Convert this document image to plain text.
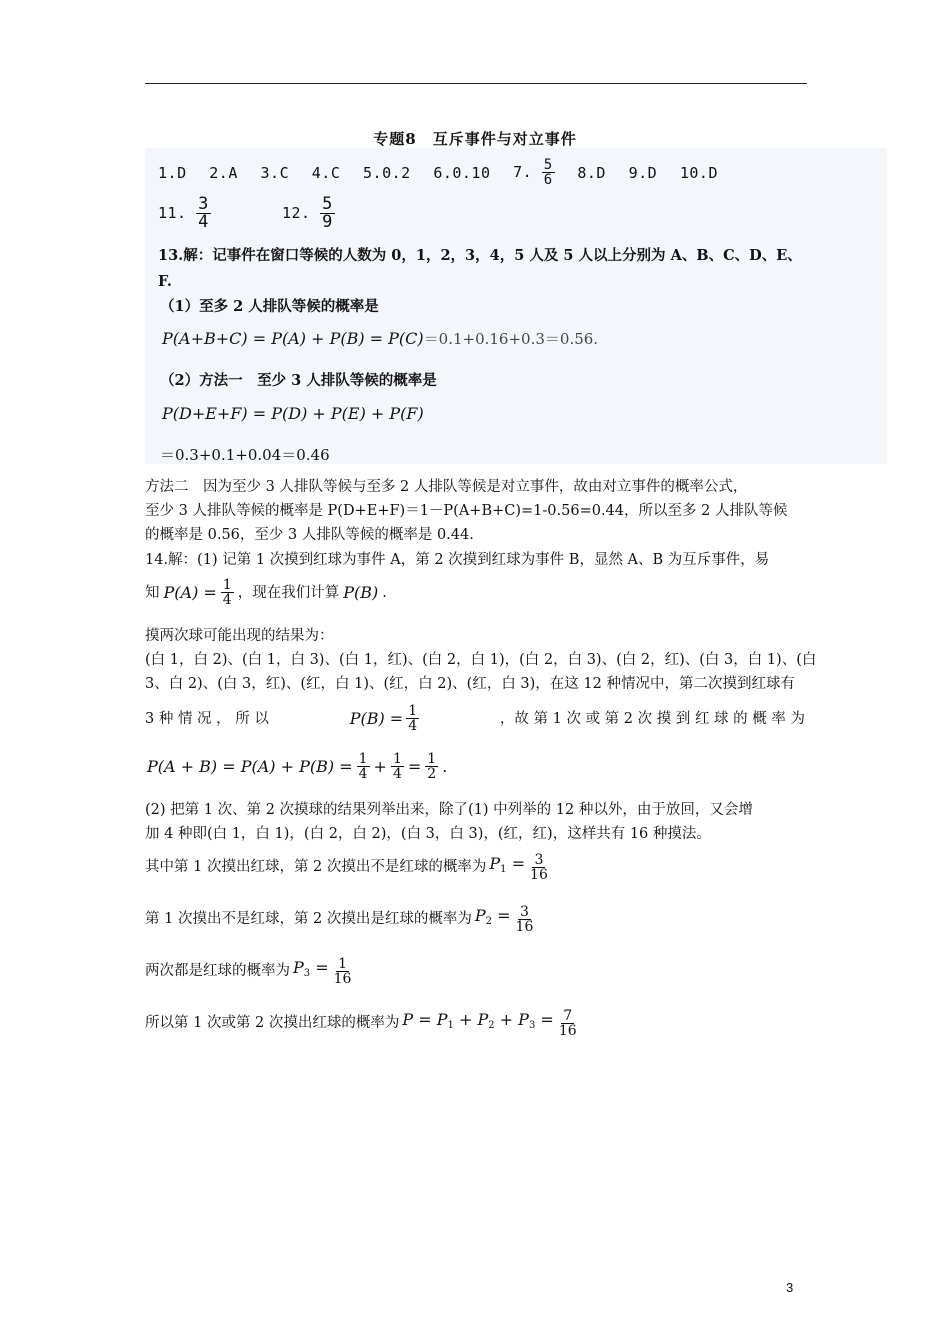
专题8　互斥事件与对立事件
1.D 2.A 3.C 4.C 5.0.2 6.0.10 7. $\frac{5}{6} 8.D$ 9.D 10.D
11. $\frac{3}{4}$	12. $\frac{5}{9}$
13.解：记事件在窗口等候的人数为 0，1，2，3，4，5 人及 5 人以上分别为 A、B、C、D、E、
F.
（1）至多 2 人排队等候的概率是
P(A+B+C) = P(A) + P(B) = P(C)＝0.1+0.16+0.3＝0.56.
（2）方法一　至少 3 人排队等候的概率是
P(D+E+F) = P(D) + P(E) + P(F)
＝0.3+0.1+0.04＝0.46
方法二　因为至少 3 人排队等候与至多 2 人排队等候是对立事件，故由对立事件的概率公式，
至少 3 人排队等候的概率是 P(D+E+F)＝1－P(A+B+C)=1-0.56=0.44，所以至多 2 人排队等候
的概率是 0.56，至少 3 人排队等候的概率是 0.44.
14.解：(1) 记第 1 次摸到红球为事件 A，第 2 次摸到红球为事件 B，显然 A、B 为互斥事件，易
知 $P(A) = \frac{1}{4}$ ，现在我们计算 P(B) .
摸两次球可能出现的结果为：
(白 1，白 2)、(白 1，白 3)、(白 1，红)、(白 2，白 1)，(白 2，白 3)、(白 2，红)、(白 3，白 1)、(白
3、白 2)、(白 3，红)、(红，白 1)、(红，白 2)、(红，白 3)，在这 12 种情况中，第二次摸到红球有
3 种 情 况 ， 所 以	$P(B) = \frac{1}{4}$	，故 第 1 次 或 第 2 次 摸 到 红 球 的 概 率 为
$P(A + B) = P(A) + P(B) = \frac{1}{4} + \frac{1}{4} = \frac{1}{2}$ .
(2) 把第 1 次、第 2 次摸球的结果列举出来，除了(1) 中列举的 12 种以外，由于放回，又会增
加 4 种即(白 1，白 1)，(白 2，白 2)，(白 3，白 3)，(红，红)，这样共有 16 种摸法。
其中第 1 次摸出红球，第 2 次摸出不是红球的概率为 $P_1 = \frac{3}{16}$
第 1 次摸出不是红球，第 2 次摸出是红球的概率为 $P_2 = \frac{3}{16}$
两次都是红球的概率为 $P_3 = \frac{1}{16}$
所以第 1 次或第 2 次摸出红球的概率为 $P = P_1 + P_2 + P_3 = \frac{7}{16}$
3
